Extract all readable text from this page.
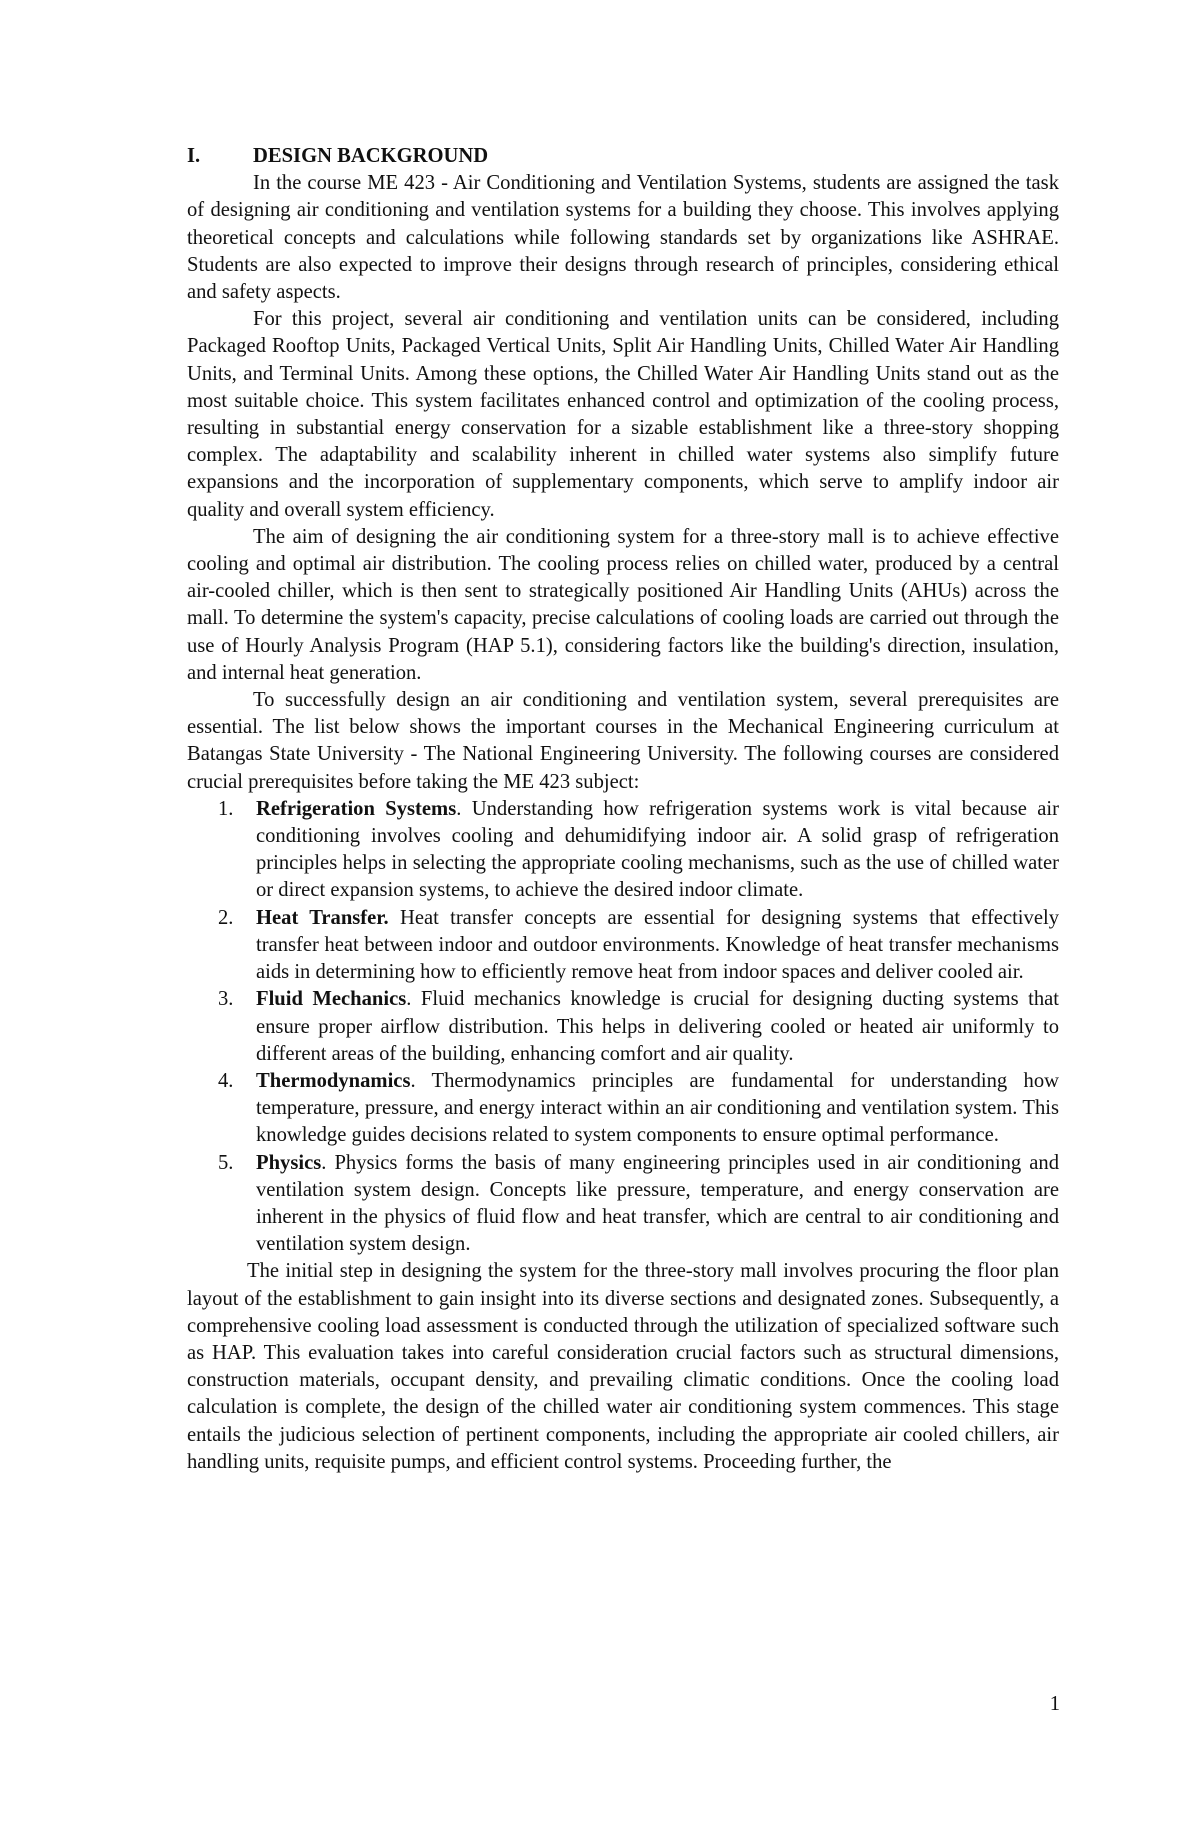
I.	DESIGN BACKGROUND

In the course ME 423 - Air Conditioning and Ventilation Systems, students are assigned the task of designing air conditioning and ventilation systems for a building they choose. This involves applying theoretical concepts and calculations while following standards set by organizations like ASHRAE. Students are also expected to improve their designs through research of principles, considering ethical and safety aspects.

For this project, several air conditioning and ventilation units can be considered, including Packaged Rooftop Units, Packaged Vertical Units, Split Air Handling Units, Chilled Water Air Handling Units, and Terminal Units. Among these options, the Chilled Water Air Handling Units stand out as the most suitable choice. This system facilitates enhanced control and optimization of the cooling process, resulting in substantial energy conservation for a sizable establishment like a three-story shopping complex. The adaptability and scalability inherent in chilled water systems also simplify future expansions and the incorporation of supplementary components, which serve to amplify indoor air quality and overall system efficiency.

The aim of designing the air conditioning system for a three-story mall is to achieve effective cooling and optimal air distribution. The cooling process relies on chilled water, produced by a central air-cooled chiller, which is then sent to strategically positioned Air Handling Units (AHUs) across the mall. To determine the system's capacity, precise calculations of cooling loads are carried out through the use of Hourly Analysis Program (HAP 5.1), considering factors like the building's direction, insulation, and internal heat generation.

To successfully design an air conditioning and ventilation system, several prerequisites are essential. The list below shows the important courses in the Mechanical Engineering curriculum at Batangas State University - The National Engineering University. The following courses are considered crucial prerequisites before taking the ME 423 subject:

1.	Refrigeration Systems. Understanding how refrigeration systems work is vital because air conditioning involves cooling and dehumidifying indoor air. A solid grasp of refrigeration principles helps in selecting the appropriate cooling mechanisms, such as the use of chilled water or direct expansion systems, to achieve the desired indoor climate.
2.	Heat Transfer. Heat transfer concepts are essential for designing systems that effectively transfer heat between indoor and outdoor environments. Knowledge of heat transfer mechanisms aids in determining how to efficiently remove heat from indoor spaces and deliver cooled air.
3.	Fluid Mechanics. Fluid mechanics knowledge is crucial for designing ducting systems that ensure proper airflow distribution. This helps in delivering cooled or heated air uniformly to different areas of the building, enhancing comfort and air quality.
4.	Thermodynamics. Thermodynamics principles are fundamental for understanding how temperature, pressure, and energy interact within an air conditioning and ventilation system. This knowledge guides decisions related to system components to ensure optimal performance.
5.	Physics. Physics forms the basis of many engineering principles used in air conditioning and ventilation system design. Concepts like pressure, temperature, and energy conservation are inherent in the physics of fluid flow and heat transfer, which are central to air conditioning and ventilation system design.

The initial step in designing the system for the three-story mall involves procuring the floor plan layout of the establishment to gain insight into its diverse sections and designated zones. Subsequently, a comprehensive cooling load assessment is conducted through the utilization of specialized software such as HAP. This evaluation takes into careful consideration crucial factors such as structural dimensions, construction materials, occupant density, and prevailing climatic conditions. Once the cooling load calculation is complete, the design of the chilled water air conditioning system commences. This stage entails the judicious selection of pertinent components, including the appropriate air cooled chillers, air handling units, requisite pumps, and efficient control systems. Proceeding further, the

1
